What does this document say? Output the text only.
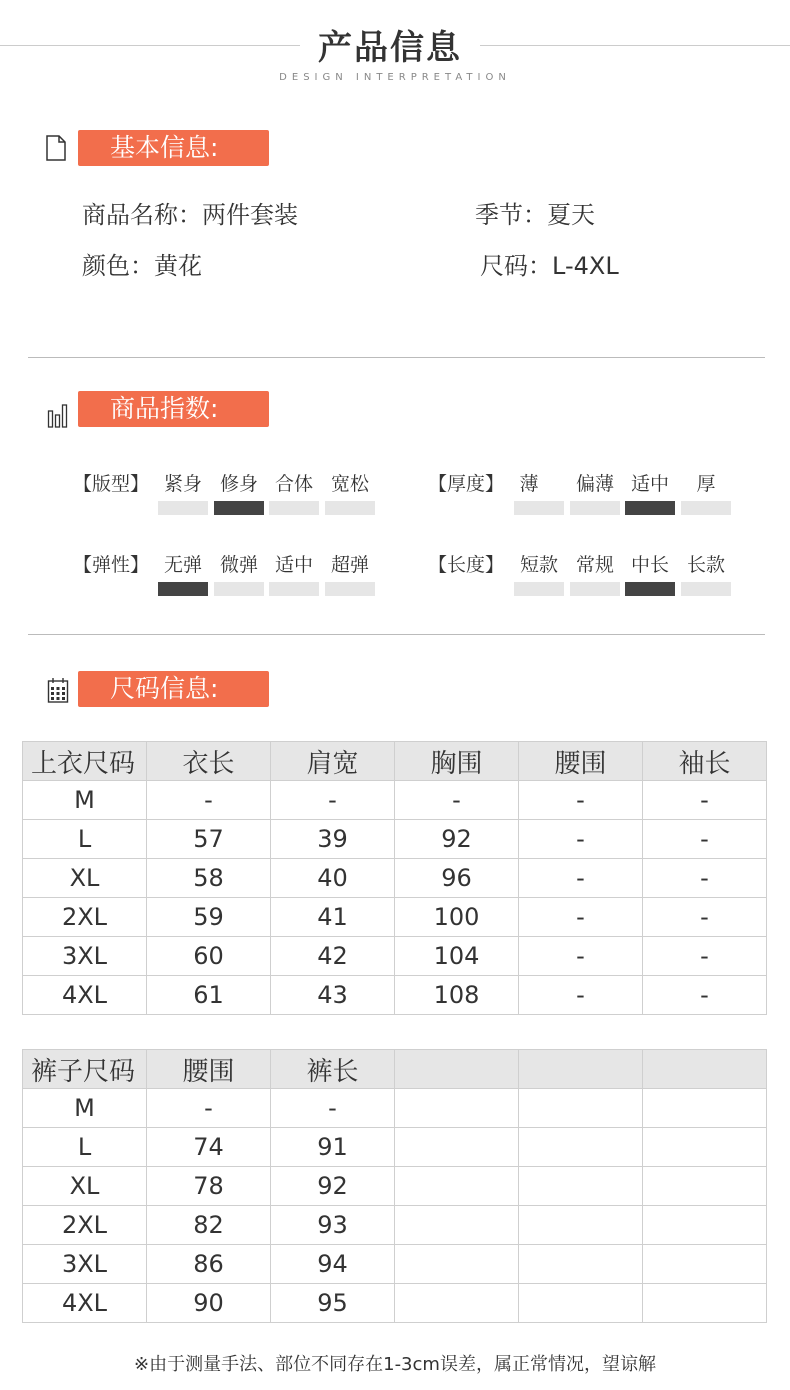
产品信息
DESIGN INTERPRETATION
基本信息:
商品名称：两件套装	季节：夏天
颜色：黄花	尺码：L-4XL
商品指数:
【版型】 紧身 修身 合体 宽松	【厚度】 薄	偏薄 适中	厚
【弹性】 无弹 微弹 适中 超弹	【长度】 短款 常规 中长 长款
尺码信息:
上衣尺码	衣长	肩宽	胸围	腰围	袖长
M	-	-	-	-	-
L	57	39	92	-	-
XL	58	40	96	-	-
2XL	59	41	100	-	-
3XL	60	42	104	-	-
4XL	61	43	108	-	-
裤子尺码	腰围	裤长			
M	-	-			
L	74	91			
XL	78	92			
2XL	82	93			
3XL	86	94			
4XL	90	95			
※由于测量手法、部位不同存在1-3cm误差，属正常情况，望谅解
